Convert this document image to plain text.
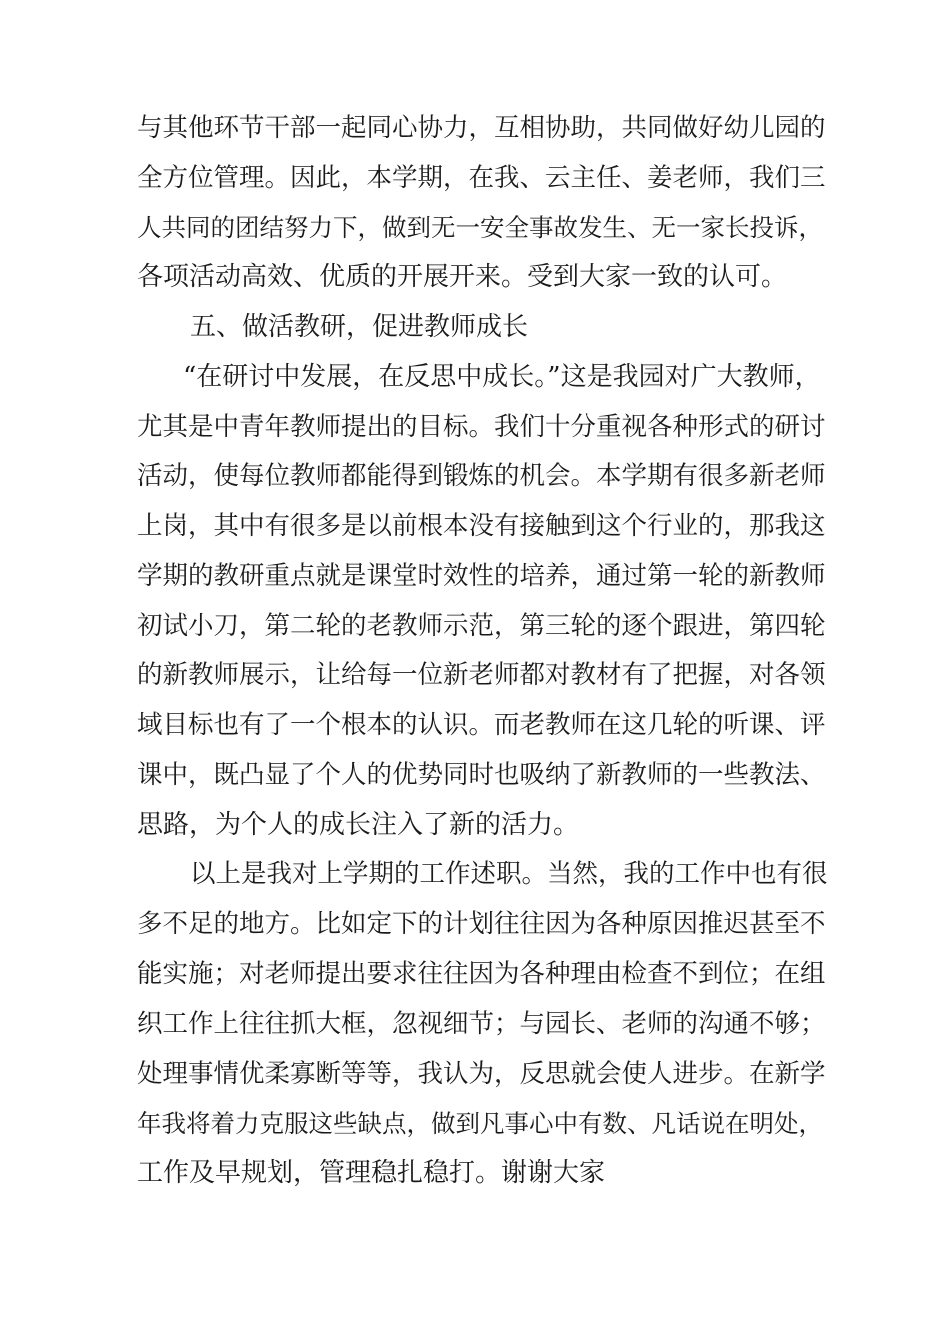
与其他环节干部一起同心协力，互相协助，共同做好幼儿园的
全方位管理。因此，本学期，在我、云主任、姜老师，我们三
人共同的团结努力下，做到无一安全事故发生、无一家长投诉，
各项活动高效、优质的开展开来。受到大家一致的认可。
五、做活教研，促进教师成长
“在研讨中发展，在反思中成长。”这是我园对广大教师，
尤其是中青年教师提出的目标。我们十分重视各种形式的研讨
活动，使每位教师都能得到锻炼的机会。本学期有很多新老师
上岗，其中有很多是以前根本没有接触到这个行业的，那我这
学期的教研重点就是课堂时效性的培养，通过第一轮的新教师
初试小刀，第二轮的老教师示范，第三轮的逐个跟进，第四轮
的新教师展示，让给每一位新老师都对教材有了把握，对各领
域目标也有了一个根本的认识。而老教师在这几轮的听课、评
课中，既凸显了个人的优势同时也吸纳了新教师的一些教法、
思路，为个人的成长注入了新的活力。
以上是我对上学期的工作述职。当然，我的工作中也有很
多不足的地方。比如定下的计划往往因为各种原因推迟甚至不
能实施；对老师提出要求往往因为各种理由检查不到位；在组
织工作上往往抓大框，忽视细节；与园长、老师的沟通不够；
处理事情优柔寡断等等，我认为，反思就会使人进步。在新学
年我将着力克服这些缺点，做到凡事心中有数、凡话说在明处，
工作及早规划，管理稳扎稳打。谢谢大家
